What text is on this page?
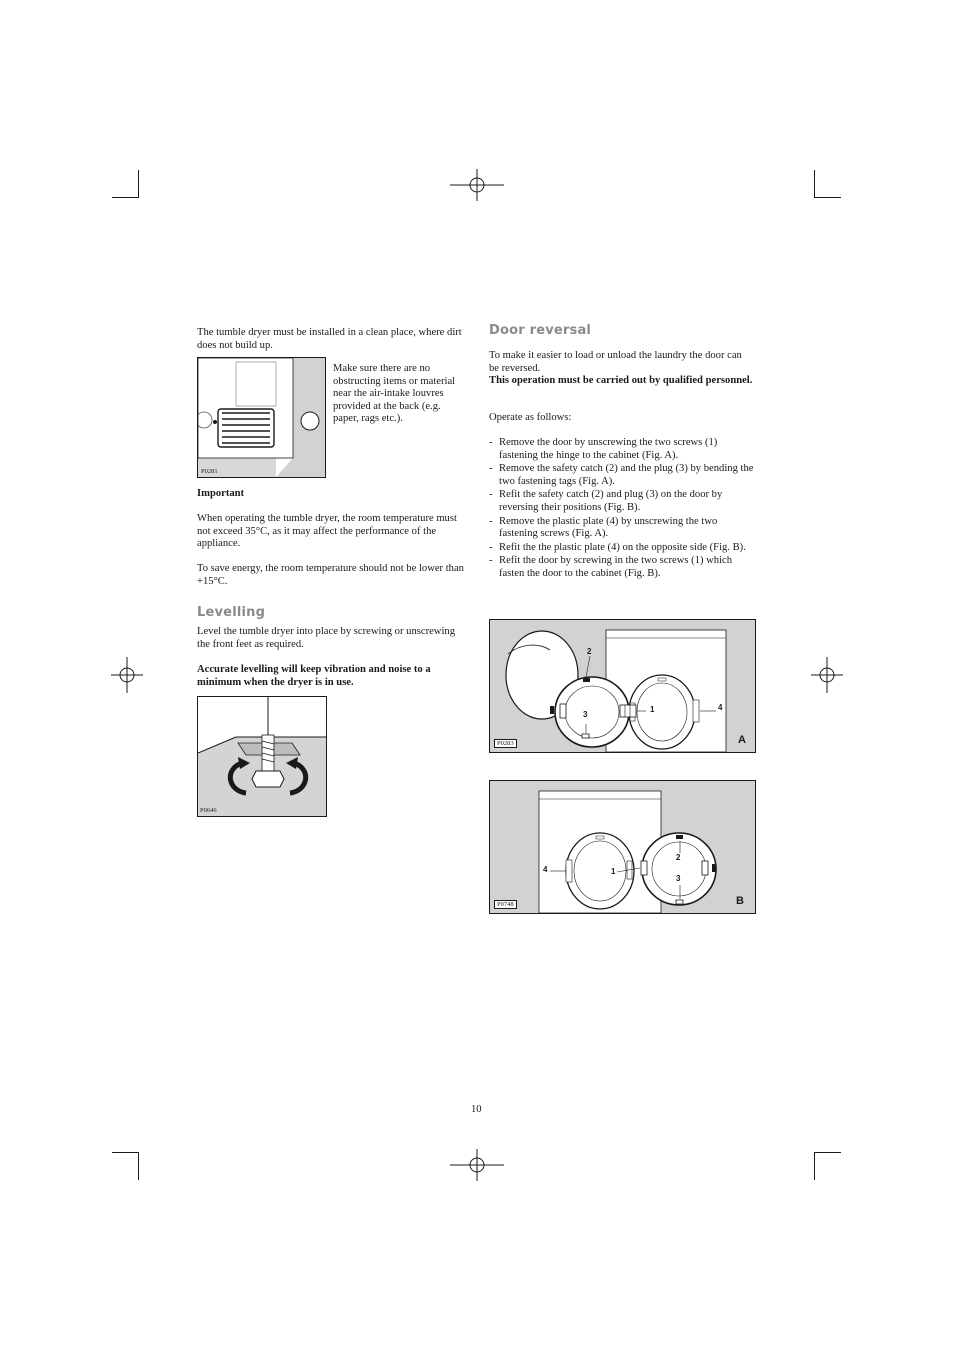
The tumble dryer must be installed in a clean place, where dirt does not build up.
P0281
Make sure there are no obstructing items or material near the air-intake louvres provided at the back (e.g. paper, rags etc.).
Important
When operating the tumble dryer, the room temperature must not exceed 35°C, as it may affect the performance of the appliance.
To save energy, the room temperature should not be lower than +15°C.
Levelling
Level the tumble dryer into place by screwing or unscrewing the front feet as required.
Accurate levelling will keep vibration and noise to a minimum when the dryer is in use.
P0646
Door reversal
To make it easier to load or unload the laundry the door can be reversed.
This operation must be carried out by qualified personnel.
Operate as follows:
- Remove the door by unscrewing the two screws (1) fastening the hinge to the cabinet (Fig. A).
- Remove the safety catch (2) and the plug (3) by bending the two fastening tags (Fig. A).
- Refit the safety catch (2) and plug (3) on the door by reversing their positions (Fig. B).
- Remove the plastic plate (4) by unscrewing the two fastening screws (Fig. A).
- Refit the the plastic plate (4) on the opposite side (Fig. B).
- Refit the door by screwing in the two screws (1) which fasten the door to the cabinet (Fig. B).
2
3
1	4
P0283	A
4	1
2
3
P0748	B
10
